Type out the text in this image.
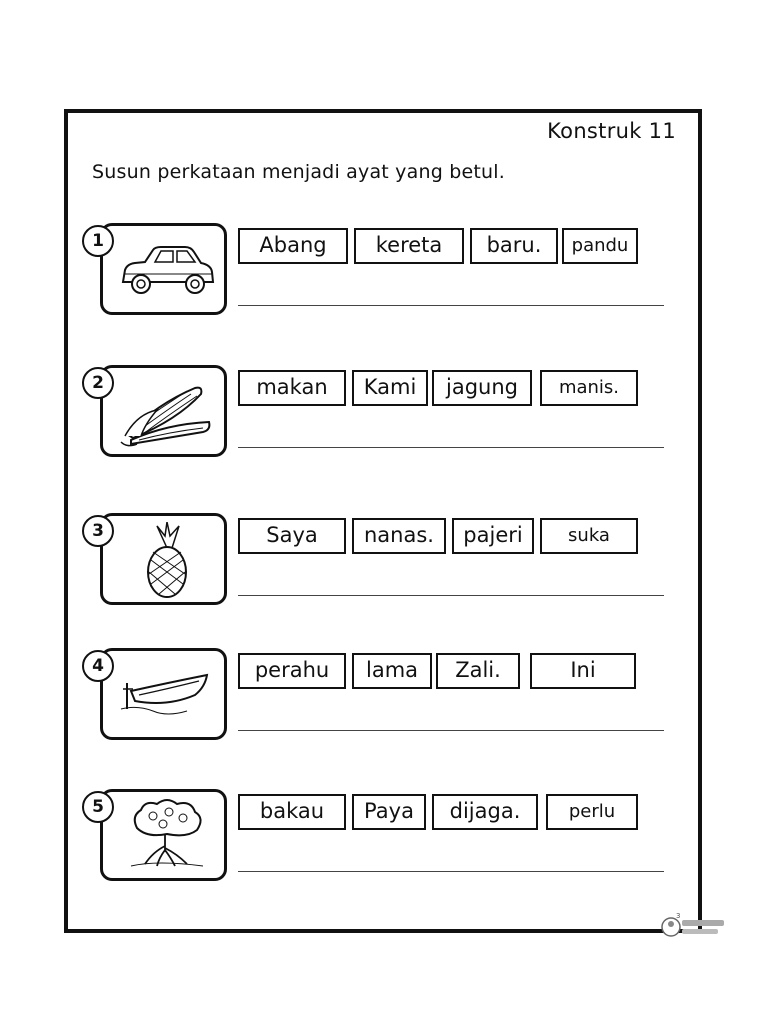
Konstruk 11
Susun perkataan menjadi ayat yang betul.
1	Abang	kereta	baru.	pandu
2	makan	Kami	jagung	manis.
3	Saya	nanas.	pajeri	suka
4	perahu	lama	Zali.	Ini
5	bakau	Paya	dijaga.	perlu
3
